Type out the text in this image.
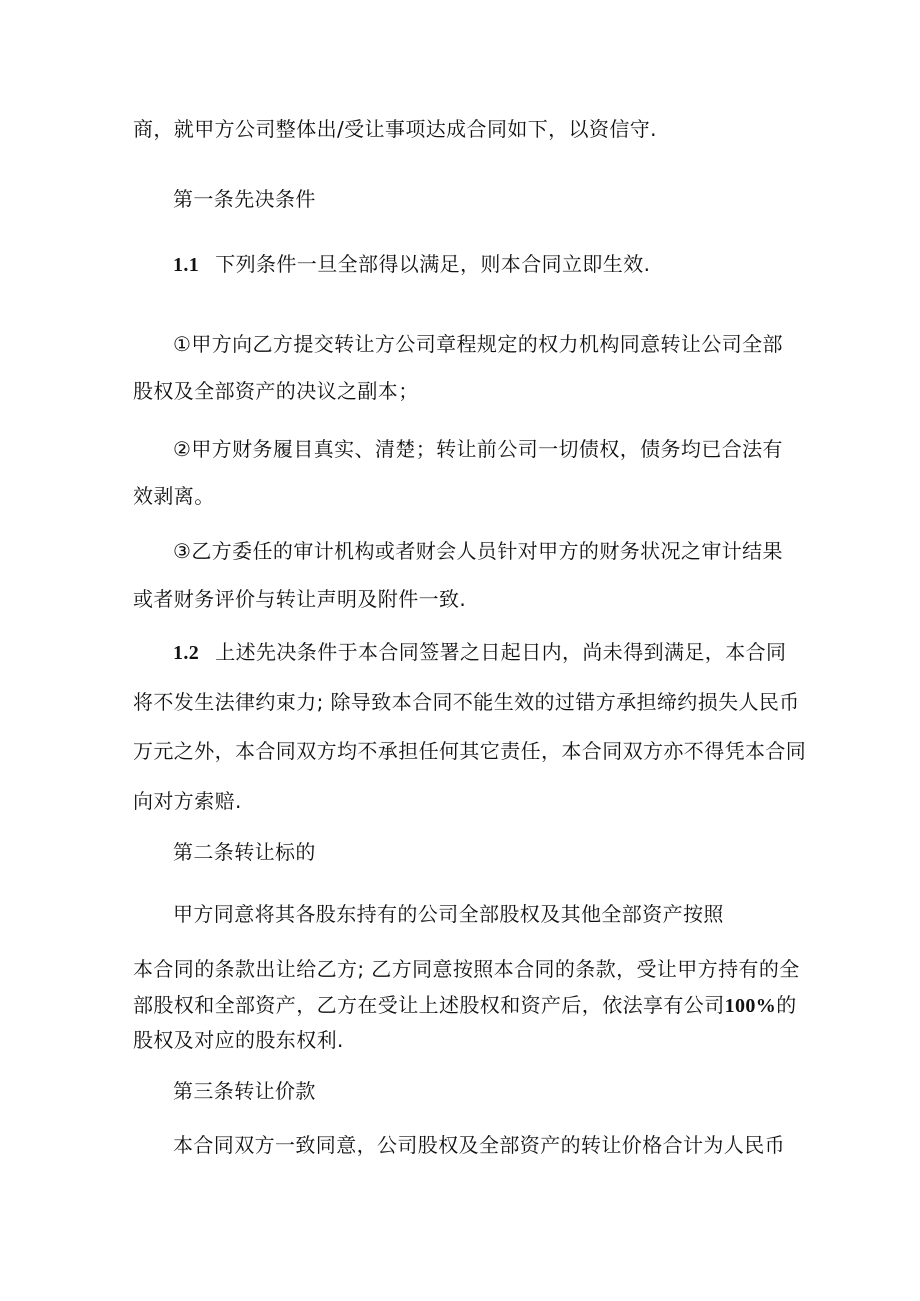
商，就甲方公司整体出/受让事项达成合同如下，以资信守.
第一条先决条件
1.1 下列条件一旦全部得以满足，则本合同立即生效.
①甲方向乙方提交转让方公司章程规定的权力机构同意转让公司全部
股权及全部资产的决议之副本；
②甲方财务履目真实、清楚；转让前公司一切债权，债务均已合法有
效剥离。
③乙方委任的审计机构或者财会人员针对甲方的财务状况之审计结果
或者财务评价与转让声明及附件一致.
1.2 上述先决条件于本合同签署之日起日内，尚未得到满足，本合同
将不发生法律约束力; 除导致本合同不能生效的过错方承担缔约损失人民币
万元之外，本合同双方均不承担任何其它责任，本合同双方亦不得凭本合同
向对方索赔.
第二条转让标的
甲方同意将其各股东持有的公司全部股权及其他全部资产按照
本合同的条款出让给乙方; 乙方同意按照本合同的条款，受让甲方持有的全
部股权和全部资产，乙方在受让上述股权和资产后，依法享有公司100%的
股权及对应的股东权利.
第三条转让价款
本合同双方一致同意，公司股权及全部资产的转让价格合计为人民币
